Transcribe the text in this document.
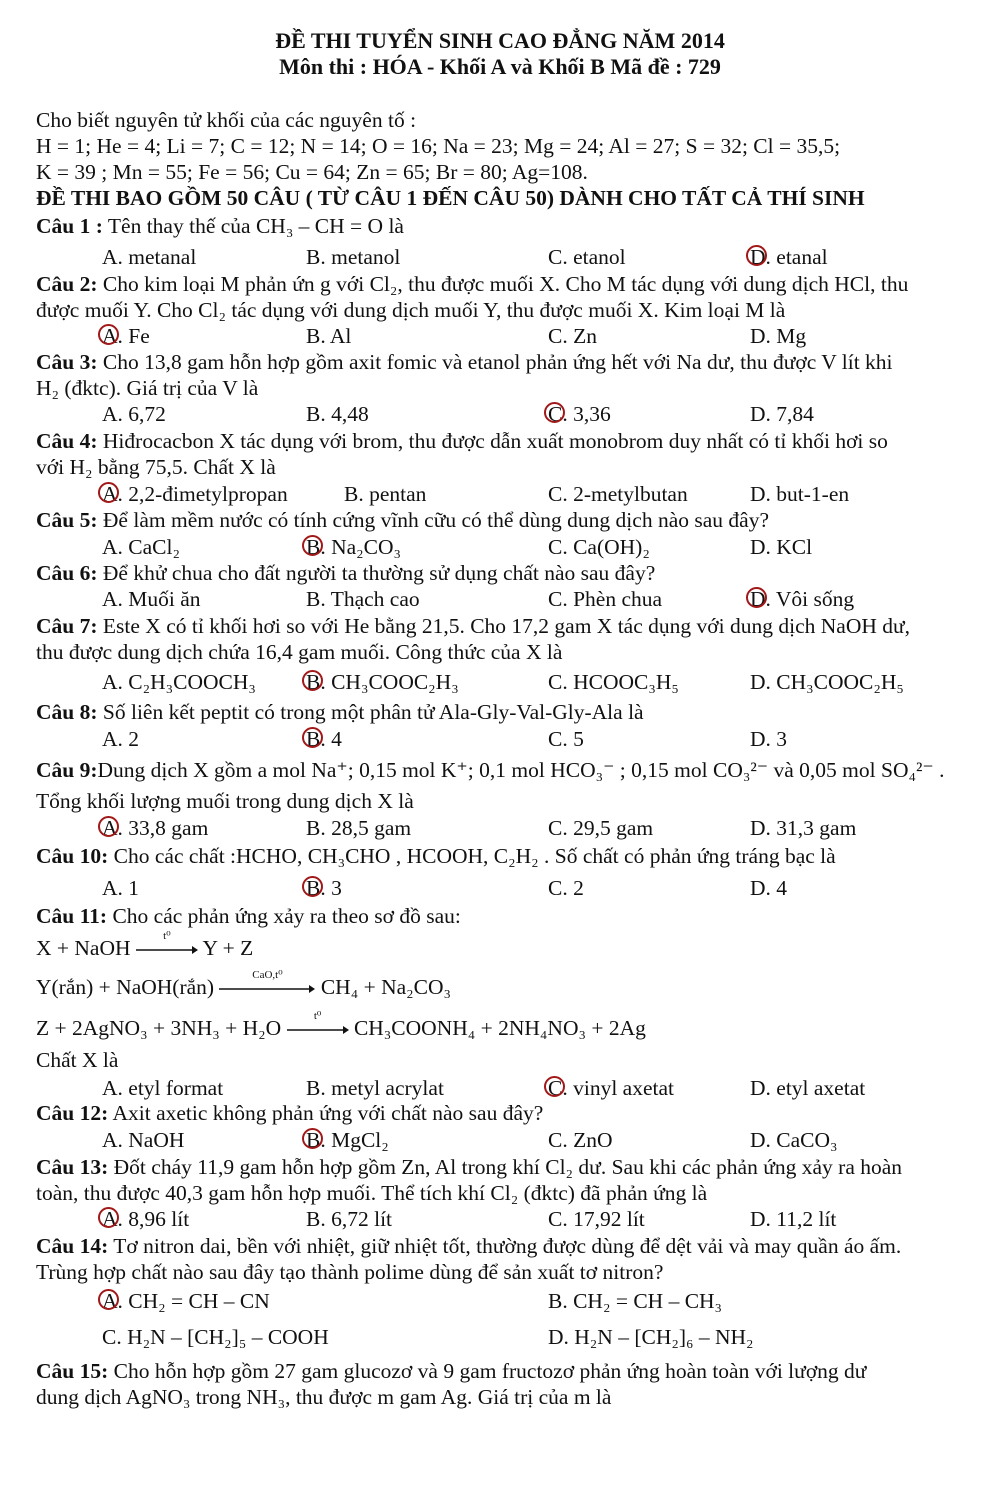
ĐỀ THI TUYỂN SINH CAO ĐẲNG NĂM 2014
Môn thi : HÓA - Khối A và Khối B Mã đề : 729
Cho biết nguyên tử khối của các nguyên tố :
H = 1; He = 4; Li = 7; C = 12; N = 14; O = 16; Na = 23; Mg = 24; Al = 27; S = 32; Cl = 35,5;
K = 39 ; Mn = 55; Fe = 56; Cu = 64; Zn = 65; Br = 80; Ag=108.
ĐỀ THI BAO GỒM 50 CÂU ( TỪ CÂU 1 ĐẾN CÂU 50) DÀNH CHO TẤT CẢ THÍ SINH
Câu 1 : Tên thay thế của CH₃ – CH = O là
A. metanal	B. metanol	C. etanol	D. etanal
Câu 2: Cho kim loại M phản ứn g với Cl₂, thu được muối X. Cho M tác dụng với dung dịch HCl, thu
được muối Y. Cho Cl₂ tác dụng với dung dịch muối Y, thu được muối X. Kim loại M là
A. Fe	B. Al	C. Zn	D. Mg
Câu 3: Cho 13,8 gam hỗn hợp gồm axit fomic và etanol phản ứng hết với Na dư, thu được V lít khi
H₂ (đktc). Giá trị của V là
A. 6,72	B. 4,48	C. 3,36	D. 7,84
Câu 4: Hiđrocacbon X tác dụng với brom, thu được dẫn xuất monobrom duy nhất có tỉ khối hơi so
với H₂ bằng 75,5. Chất X là
A. 2,2-đimetylpropan	B. pentan	C. 2-metylbutan	D. but-1-en
Câu 5: Để làm mềm nước có tính cứng vĩnh cữu có thể dùng dung dịch nào sau đây?
A. CaCl₂	B. Na₂CO₃	C. Ca(OH)₂	D. KCl
Câu 6: Để khử chua cho đất người ta thường sử dụng chất nào sau đây?
A. Muối ăn	B. Thạch cao	C. Phèn chua	D. Vôi sống
Câu 7: Este X có tỉ khối hơi so với He bằng 21,5. Cho 17,2 gam X tác dụng với dung dịch NaOH dư,
thu được dung dịch chứa 16,4 gam muối. Công thức của X là
A. C₂H₃COOCH₃ B. CH₃COOC₂H₃	C. HCOOC₃H₅	D. CH₃COOC₂H₅
Câu 8: Số liên kết peptit có trong một phân tử Ala-Gly-Val-Gly-Ala là
A. 2	B. 4	C. 5	D. 3
Câu 9:Dung dịch X gồm a mol Na⁺; 0,15 mol K⁺; 0,1 mol HCO₃⁻ ; 0,15 mol CO₃²⁻ và 0,05 mol SO₄²⁻ .
Tổng khối lượng muối trong dung dịch X là
A. 33,8 gam	B. 28,5 gam	C. 29,5 gam	D. 31,3 gam
Câu 10: Cho các chất :HCHO, CH₃CHO , HCOOH, C₂H₂ . Số chất có phản ứng tráng bạc là
A. 1	B. 3	C. 2	D. 4
Câu 11: Cho các phản ứng xảy ra theo sơ đồ sau:
X + NaOH	t⁰	Y + Z
Y(rắn) + NaOH(rắn)	CaO,t⁰	CH₄ + Na₂CO₃
Z + 2AgNO₃ + 3NH₃ + H₂O	t⁰	CH₃COONH₄ + 2NH₄NO₃ + 2Ag
Chất X là
A. etyl format	B. metyl acrylat	C. vinyl axetat	D. etyl axetat
Câu 12: Axit axetic không phản ứng với chất nào sau đây?
A. NaOH	B. MgCl₂	C. ZnO	D. CaCO₃
Câu 13: Đốt cháy 11,9 gam hỗn hợp gồm Zn, Al trong khí Cl₂ dư. Sau khi các phản ứng xảy ra hoàn
toàn, thu được 40,3 gam hỗn hợp muối. Thể tích khí Cl₂ (đktc) đã phản ứng là
A. 8,96 lít	B. 6,72 lít	C. 17,92 lít	D. 11,2 lít
Câu 14: Tơ nitron dai, bền với nhiệt, giữ nhiệt tốt, thường được dùng để dệt vải và may quần áo ấm.
Trùng hợp chất nào sau đây tạo thành polime dùng để sản xuất tơ nitron?
A. CH₂ = CH – CN	B. CH₂ = CH – CH₃
C. H₂N – [CH₂]₅ – COOH	D. H₂N – [CH₂]₆ – NH₂
Câu 15: Cho hỗn hợp gồm 27 gam glucozơ và 9 gam fructozơ phản ứng hoàn toàn với lượng dư
dung dịch AgNO₃ trong NH₃, thu được m gam Ag. Giá trị của m là
